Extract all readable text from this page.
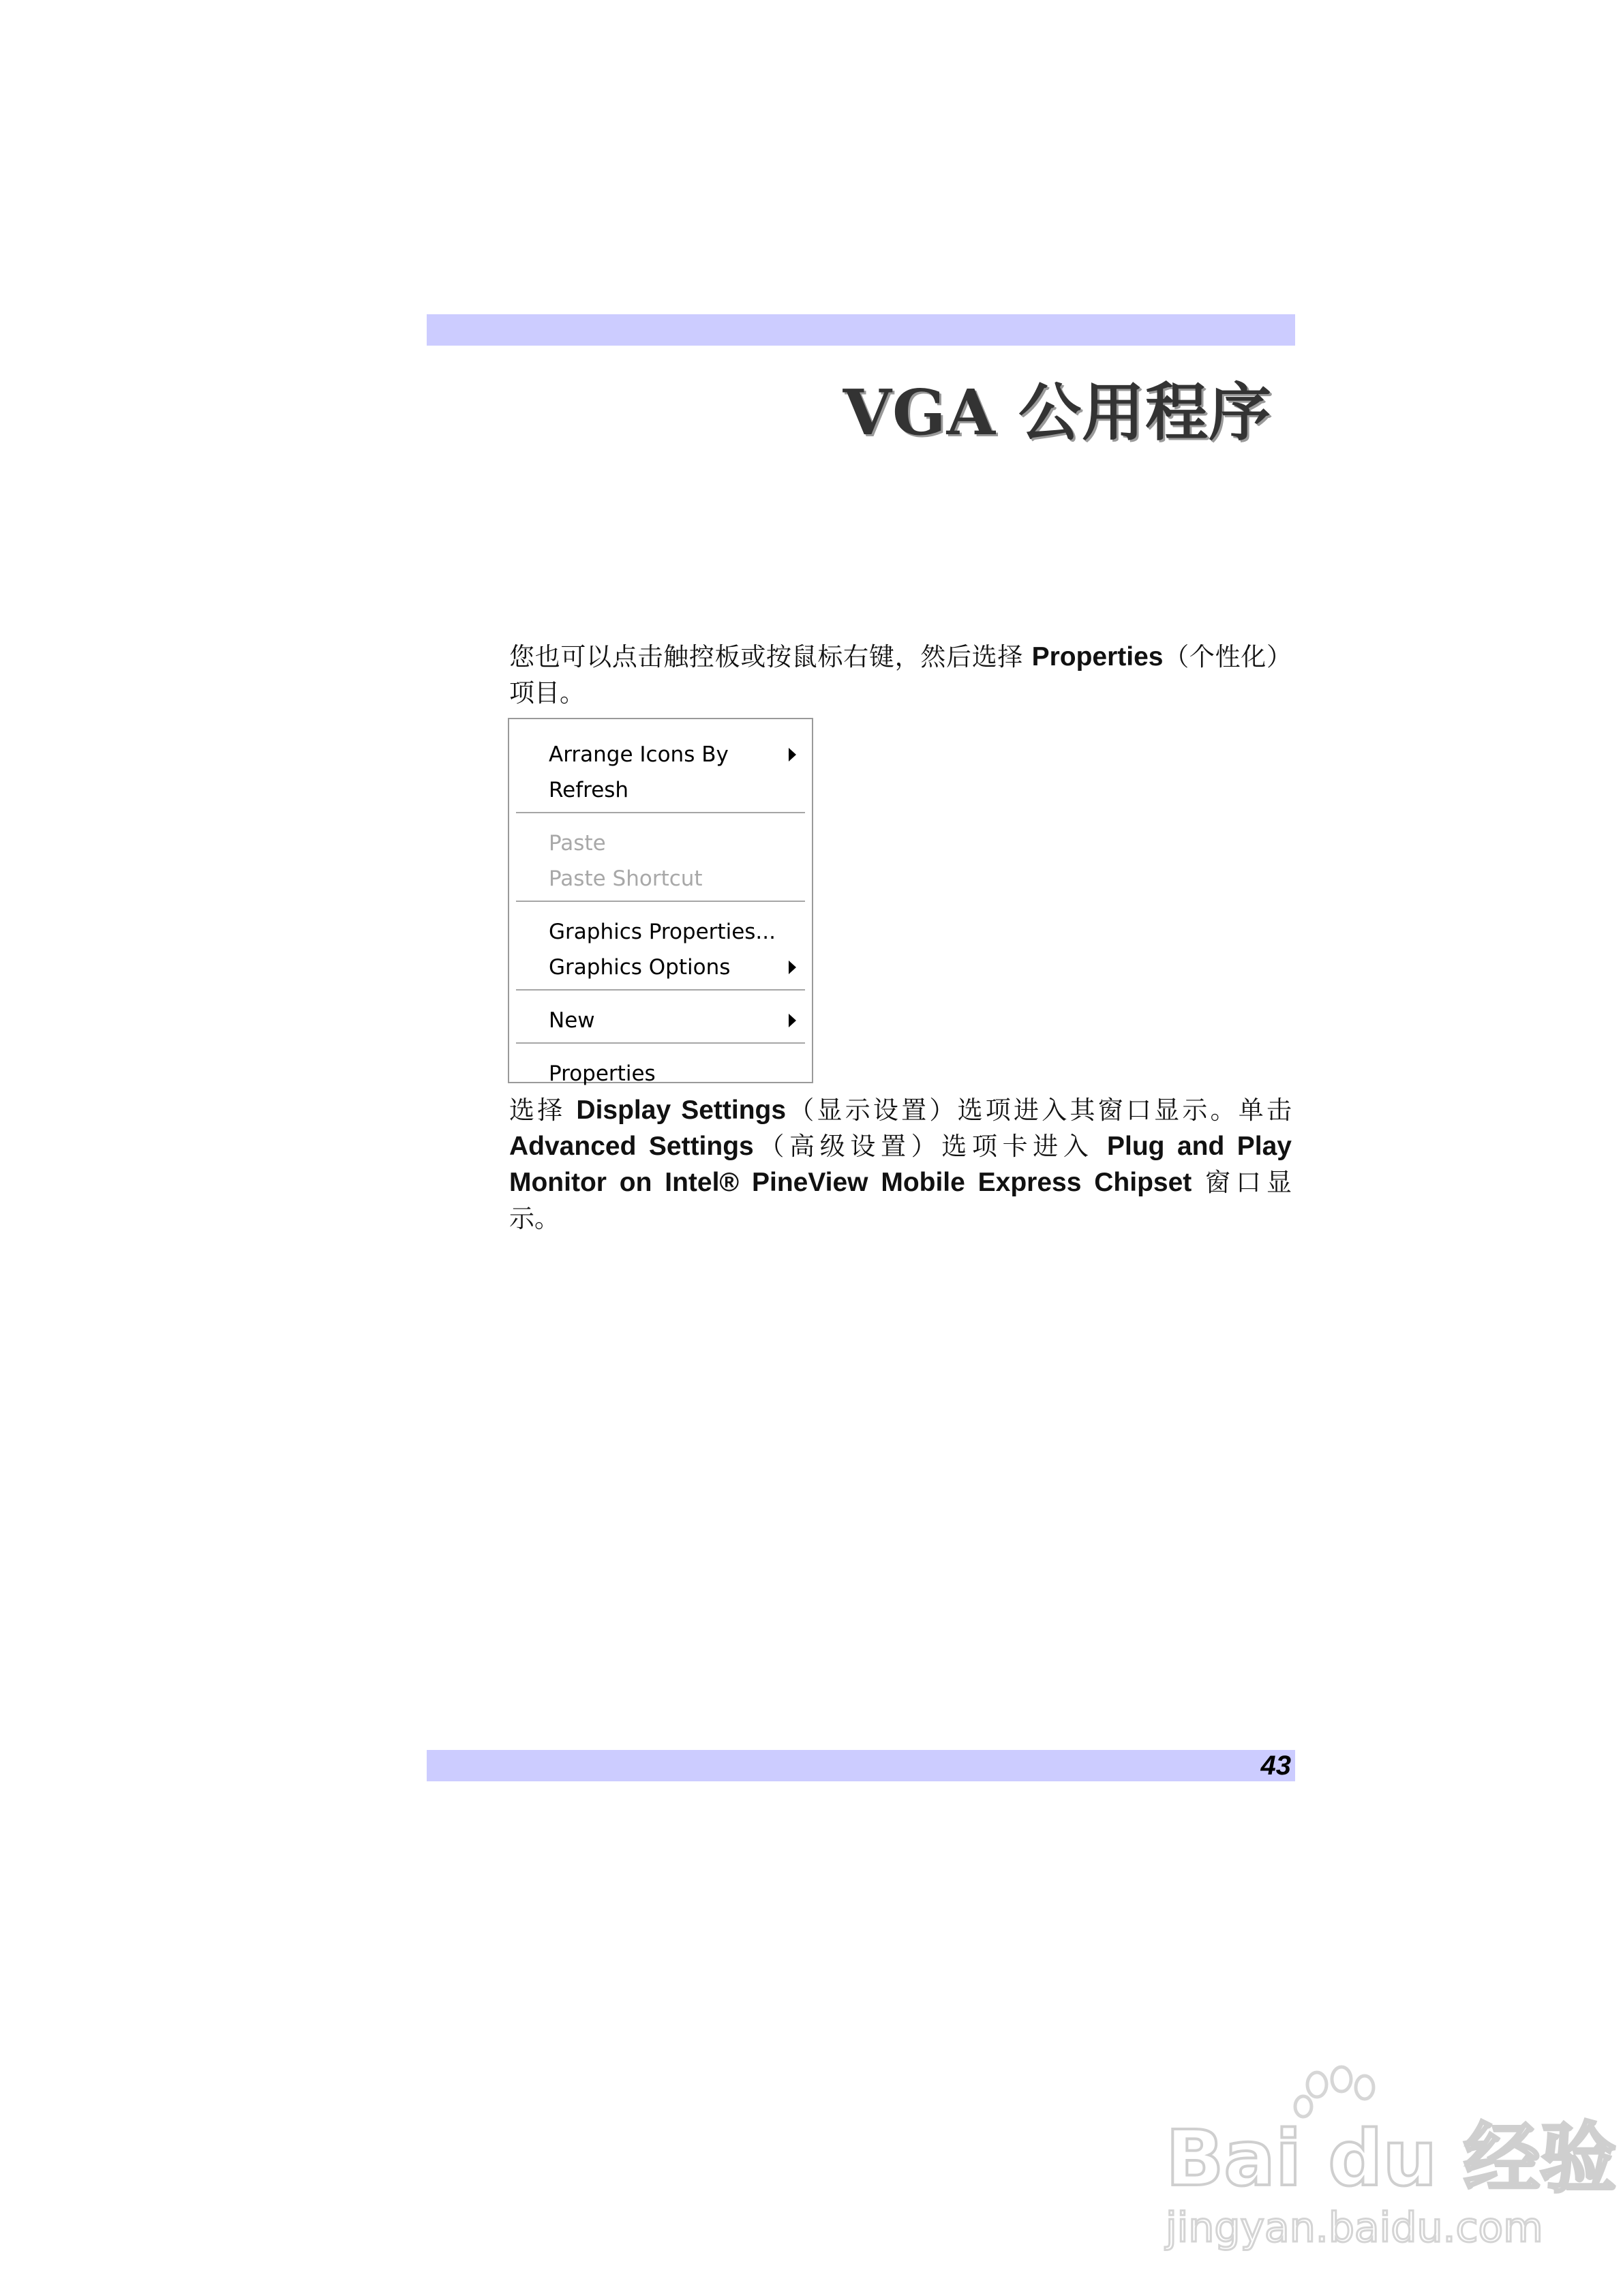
VGA 公用程序
您也可以点击触控板或按鼠标右键，然后选择 Properties（个性化）项目。
Arrange Icons By
Refresh
Paste
Paste Shortcut
Graphics Properties...
Graphics Options
New
Properties
选择 Display Settings（显示设置）选项进入其窗口显示。单击 Advanced Settings（高级设置）选项卡进入 Plug and Play Monitor on Intel® PineView Mobile Express Chipset 窗口显示。
43
Bai du 经验
jingyan.baidu.com
